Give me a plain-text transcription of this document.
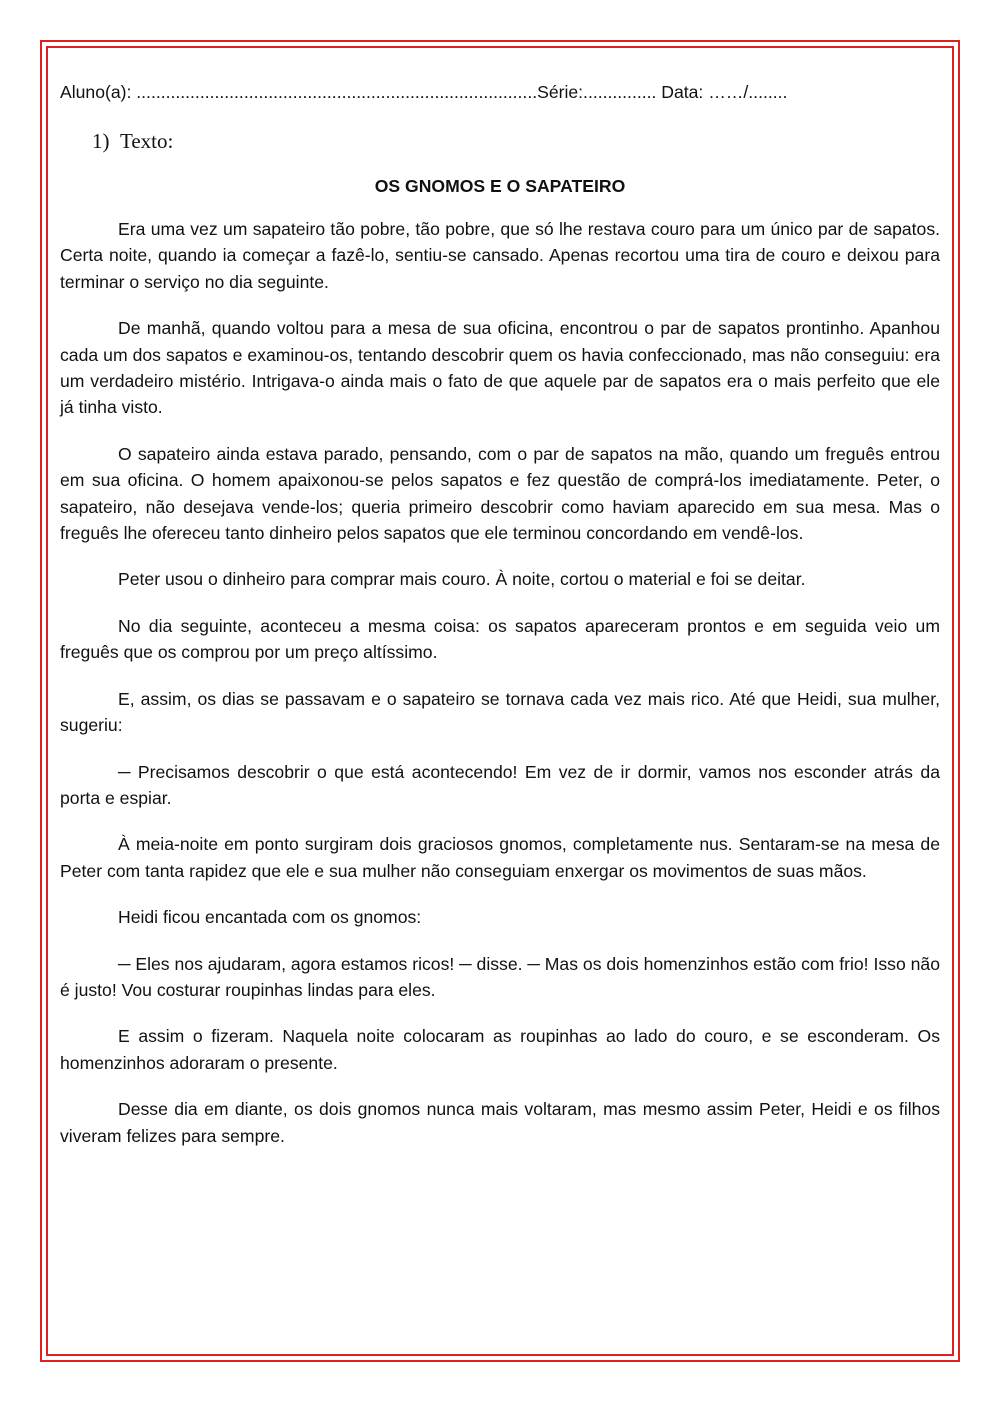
Aluno(a): ..................................................................................Série:............... Data: ……/........
1) Texto:
OS GNOMOS E O SAPATEIRO

Era uma vez um sapateiro tão pobre, tão pobre, que só lhe restava couro para um único par de sapatos. Certa noite, quando ia começar a fazê-lo, sentiu-se cansado. Apenas recortou uma tira de couro e deixou para terminar o serviço no dia seguinte.

De manhã, quando voltou para a mesa de sua oficina, encontrou o par de sapatos prontinho. Apanhou cada um dos sapatos e examinou-os, tentando descobrir quem os havia confeccionado, mas não conseguiu: era um verdadeiro mistério. Intrigava-o ainda mais o fato de que aquele par de sapatos era o mais perfeito que ele já tinha visto.

O sapateiro ainda estava parado, pensando, com o par de sapatos na mão, quando um freguês entrou em sua oficina. O homem apaixonou-se pelos sapatos e fez questão de comprá-los imediatamente. Peter, o sapateiro, não desejava vende-los; queria primeiro descobrir como haviam aparecido em sua mesa. Mas o freguês lhe ofereceu tanto dinheiro pelos sapatos que ele terminou concordando em vendê-los.

Peter usou o dinheiro para comprar mais couro. À noite, cortou o material e foi se deitar.

No dia seguinte, aconteceu a mesma coisa: os sapatos apareceram prontos e em seguida veio um freguês que os comprou por um preço altíssimo.

E, assim, os dias se passavam e o sapateiro se tornava cada vez mais rico. Até que Heidi, sua mulher, sugeriu:

─ Precisamos descobrir o que está acontecendo! Em vez de ir dormir, vamos nos esconder atrás da porta e espiar.

À meia-noite em ponto surgiram dois graciosos gnomos, completamente nus. Sentaram-se na mesa de Peter com tanta rapidez que ele e sua mulher não conseguiam enxergar os movimentos de suas mãos.

Heidi ficou encantada com os gnomos:

─ Eles nos ajudaram, agora estamos ricos! ─ disse. ─ Mas os dois homenzinhos estão com frio! Isso não é justo! Vou costurar roupinhas lindas para eles.

E assim o fizeram. Naquela noite colocaram as roupinhas ao lado do couro, e se esconderam. Os homenzinhos adoraram o presente.

Desse dia em diante, os dois gnomos nunca mais voltaram, mas mesmo assim Peter, Heidi e os filhos viveram felizes para sempre.
